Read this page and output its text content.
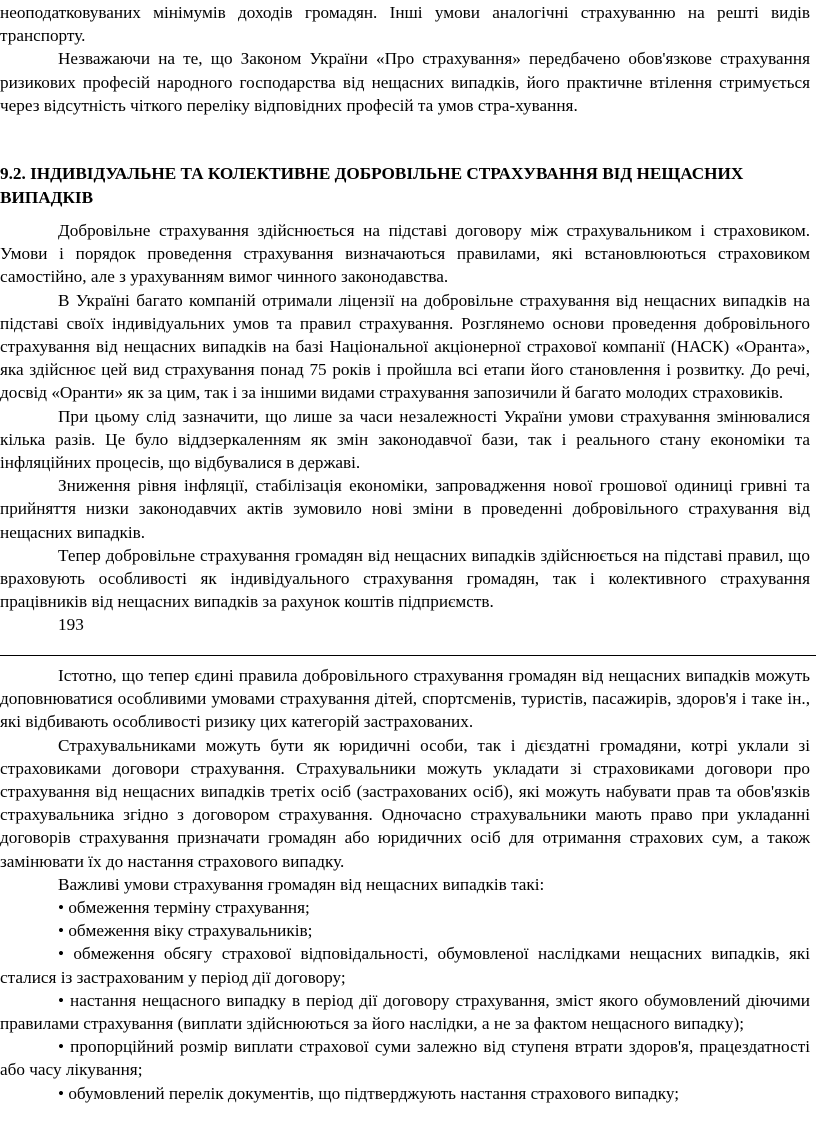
неоподатковуваних мінімумів доходів громадян. Інші умови аналогічні страхуванню на решті видів транспорту.

Незважаючи на те, що Законом України «Про страхування» передбачено обов'язкове страхування ризикових професій народного господарства від нещасних випадків, його практичне втілення стримується через відсутність чіткого переліку відповідних професій та умов стра-хування.

9.2. ІНДИВІДУАЛЬНЕ ТА КОЛЕКТИВНЕ ДОБРОВІЛЬНЕ СТРАХУВАННЯ ВІД НЕЩАСНИХ ВИПАДКІВ

Добровільне страхування здійснюється на підставі договору між страхувальником і страховиком. Умови і порядок проведення страхування визначаються правилами, які встановлюються страховиком самостійно, але з урахуванням вимог чинного законодавства.

В Україні багато компаній отримали ліцензії на добровільне страхування від нещасних випадків на підставі своїх індивідуальних умов та правил страхування. Розглянемо основи проведення добровільного страхування від нещасних випадків на базі Національної акціонерної страхової компанії (НАСК) «Оранта», яка здійснює цей вид страхування понад 75 років і пройшла всі етапи його становлення і розвитку. До речі, досвід «Оранти» як за цим, так і за іншими видами страхування запозичили й багато молодих страховиків.

При цьому слід зазначити, що лише за часи незалежності України умови страхування змінювалися кілька разів. Це було віддзеркаленням як змін законодавчої бази, так і реального стану економіки та інфляційних процесів, що відбувалися в державі.

Зниження рівня інфляції, стабілізація економіки, запровадження нової грошової одиниці гривні та прийняття низки законодавчих актів зумовило нові зміни в проведенні добровільного страхування від нещасних випадків.

Тепер добровільне страхування громадян від нещасних випадків здійснюється на підставі правил, що враховують особливості як індивідуального страхування громадян, так і колективного страхування працівників від нещасних випадків за рахунок коштів підприємств.

193

Істотно, що тепер єдині правила добровільного страхування громадян від нещасних випадків можуть доповнюватися особливими умовами страхування дітей, спортсменів, туристів, пасажирів, здоров'я і таке ін., які відбивають особливості ризику цих категорій застрахованих.

Страхувальниками можуть бути як юридичні особи, так і дієздатні громадяни, котрі уклали зі страховиками договори страхування. Страхувальники можуть укладати зі страховиками договори про страхування від нещасних випадків третіх осіб (застрахованих осіб), які можуть набувати прав та обов'язків страхувальника згідно з договором страхування. Одночасно страхувальники мають право при укладанні договорів страхування призначати громадян або юридичних осіб для отримання страхових сум, а також замінювати їх до настання страхового випадку.

Важливі умови страхування громадян від нещасних випадків такі:

• обмеження терміну страхування;

• обмеження віку страхувальників;

• обмеження обсягу страхової відповідальності, обумовленої наслідками нещасних випадків, які сталися із застрахованим у період дії договору;

• настання нещасного випадку в період дії договору страхування, зміст якого обумовлений діючими правилами страхування (виплати здійснюються за його наслідки, а не за фактом нещасного випадку);

• пропорційний розмір виплати страхової суми залежно від ступеня втрати здоров'я, працездатності або часу лікування;

• обумовлений перелік документів, що підтверджують настання страхового випадку;
